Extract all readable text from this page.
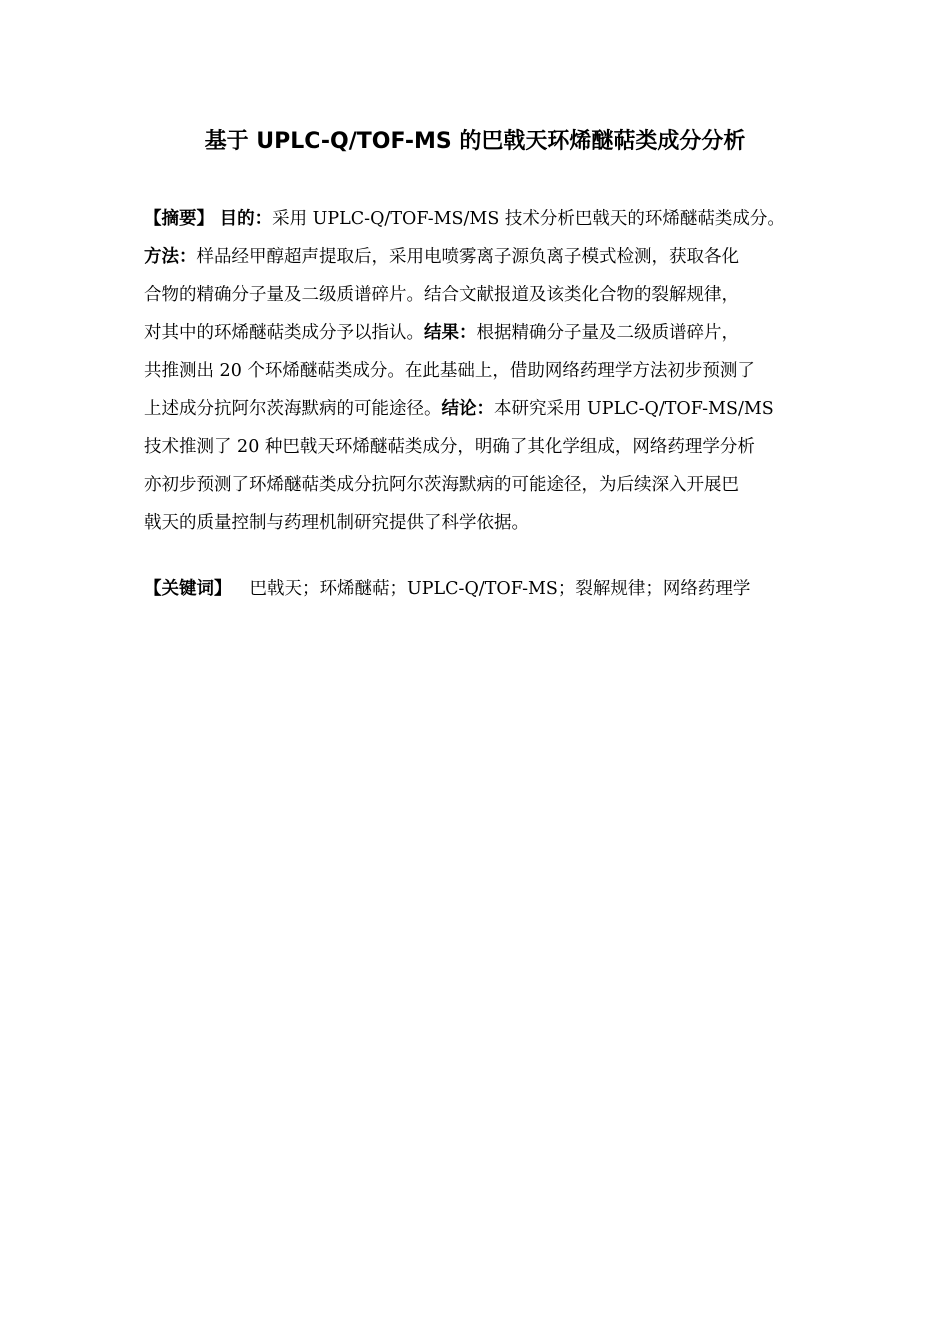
基于 UPLC-Q/TOF-MS 的巴戟天环烯醚萜类成分分析
【摘要】 目的：采用 UPLC-Q/TOF-MS/MS 技术分析巴戟天的环烯醚萜类成分。
方法：样品经甲醇超声提取后，采用电喷雾离子源负离子模式检测，获取各化
合物的精确分子量及二级质谱碎片。结合文献报道及该类化合物的裂解规律，
对其中的环烯醚萜类成分予以指认。结果：根据精确分子量及二级质谱碎片，
共推测出 20 个环烯醚萜类成分。在此基础上，借助网络药理学方法初步预测了
上述成分抗阿尔茨海默病的可能途径。结论：本研究采用 UPLC-Q/TOF-MS/MS
技术推测了 20 种巴戟天环烯醚萜类成分，明确了其化学组成，网络药理学分析
亦初步预测了环烯醚萜类成分抗阿尔茨海默病的可能途径，为后续深入开展巴
戟天的质量控制与药理机制研究提供了科学依据。
【关键词】 巴戟天；环烯醚萜；UPLC-Q/TOF-MS；裂解规律；网络药理学
